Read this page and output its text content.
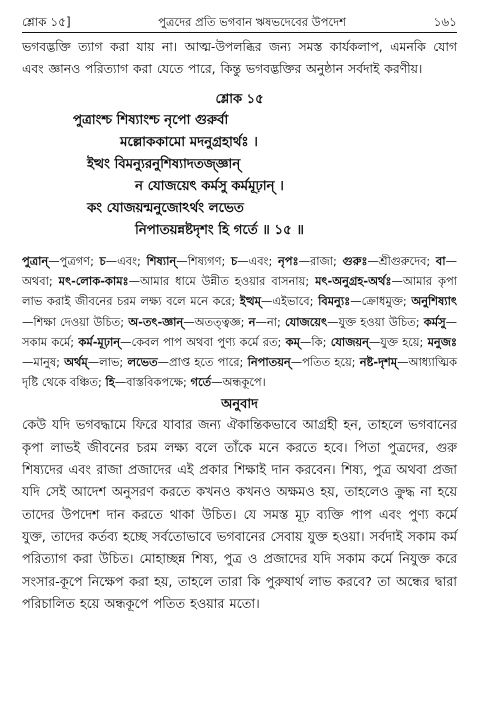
শ্লোক ১৫]	পুত্রদের প্রতি ভগবান ঋষভদেবের উপদেশ	১৬১

ভগবদ্ভক্তি ত্যাগ করা যায় না। আত্ম-উপলব্ধির জন্য সমস্ত কার্যকলাপ, এমনকি যোগ এবং জ্ঞানও পরিত্যাগ করা যেতে পারে, কিন্তু ভগবদ্ভক্তির অনুষ্ঠান সর্বদাই করণীয়।

শ্লোক ১৫
পুত্রাংশ্চ শিষ্যাংশ্চ নৃপো গুরুর্বা
মল্লোককামো মদনুগ্রহার্থঃ ।
ইত্থং বিমন্যুরনুশিষ্যাদতজ্জ্ঞান্
ন যোজয়েৎ কর্মসু কর্মমূঢ়ান্ ।
কং যোজয়ন্মনুজোঽর্থং লভেত
নিপাতয়ন্নষ্টদৃশং হি গর্তে ॥ ১৫ ॥
পুত্রান্—পুত্রগণ; চ—এবং; শিষ্যান্—শিষ্যগণ; চ—এবং; নৃপঃ—রাজা; গুরুঃ—শ্রীগুরুদেব; বা—অথবা; মৎ-লোক-কামঃ—আমার ধামে উন্নীত হওয়ার বাসনায়; মৎ-অনুগ্রহ-অর্থঃ—আমার কৃপা লাভ করাই জীবনের চরম লক্ষ্য বলে মনে করে; ইত্থম্—এইভাবে; বিমন্যুঃ—ক্রোধমুক্ত; অনুশিষ্যাৎ—শিক্ষা দেওয়া উচিত; অ-তৎ-জ্ঞান্—অতত্ত্বজ্ঞ; ন—না; যোজয়েৎ—যুক্ত হওয়া উচিত; কর্মসু—সকাম কর্মে; কর্ম-মূঢ়ান্—কেবল পাপ অথবা পুণ্য কর্মে রত; কম্—কি; যোজয়ন্—যুক্ত হয়ে; মনুজঃ—মানুষ; অর্থম্—লাভ; লভেত—প্রাপ্ত হতে পারে; নিপাতয়ন্—পতিত হয়ে; নষ্ট-দৃশম্—আধ্যাত্মিক দৃষ্টি থেকে বঞ্চিত; হি—বাস্তবিকপক্ষে; গর্তে—অন্ধকূপে।
অনুবাদ

কেউ যদি ভগবদ্ধামে ফিরে যাবার জন্য ঐকান্তিকভাবে আগ্রহী হন, তাহলে ভগবানের কৃপা লাভই জীবনের চরম লক্ষ্য বলে তাঁকে মনে করতে হবে। পিতা পুত্রদের, গুরু শিষ্যদের এবং রাজা প্রজাদের এই প্রকার শিক্ষাই দান করবেন। শিষ্য, পুত্র অথবা প্রজা যদি সেই আদেশ অনুসরণ করতে কখনও কখনও অক্ষমও হয়, তাহলেও ক্রুদ্ধ না হয়ে তাদের উপদেশ দান করতে থাকা উচিত। যে সমস্ত মূঢ় ব্যক্তি পাপ এবং পুণ্য কর্মে যুক্ত, তাদের কর্তব্য হচ্ছে সর্বতোভাবে ভগবানের সেবায় যুক্ত হওয়া। সর্বদাই সকাম কর্ম পরিত্যাগ করা উচিত। মোহাচ্ছন্ন শিষ্য, পুত্র ও প্রজাদের যদি সকাম কর্মে নিযুক্ত করে সংসার-কূপে নিক্ষেপ করা হয়, তাহলে তারা কি পুরুষার্থ লাভ করবে? তা অন্ধের দ্বারা পরিচালিত হয়ে অন্ধকূপে পতিত হওয়ার মতো।
